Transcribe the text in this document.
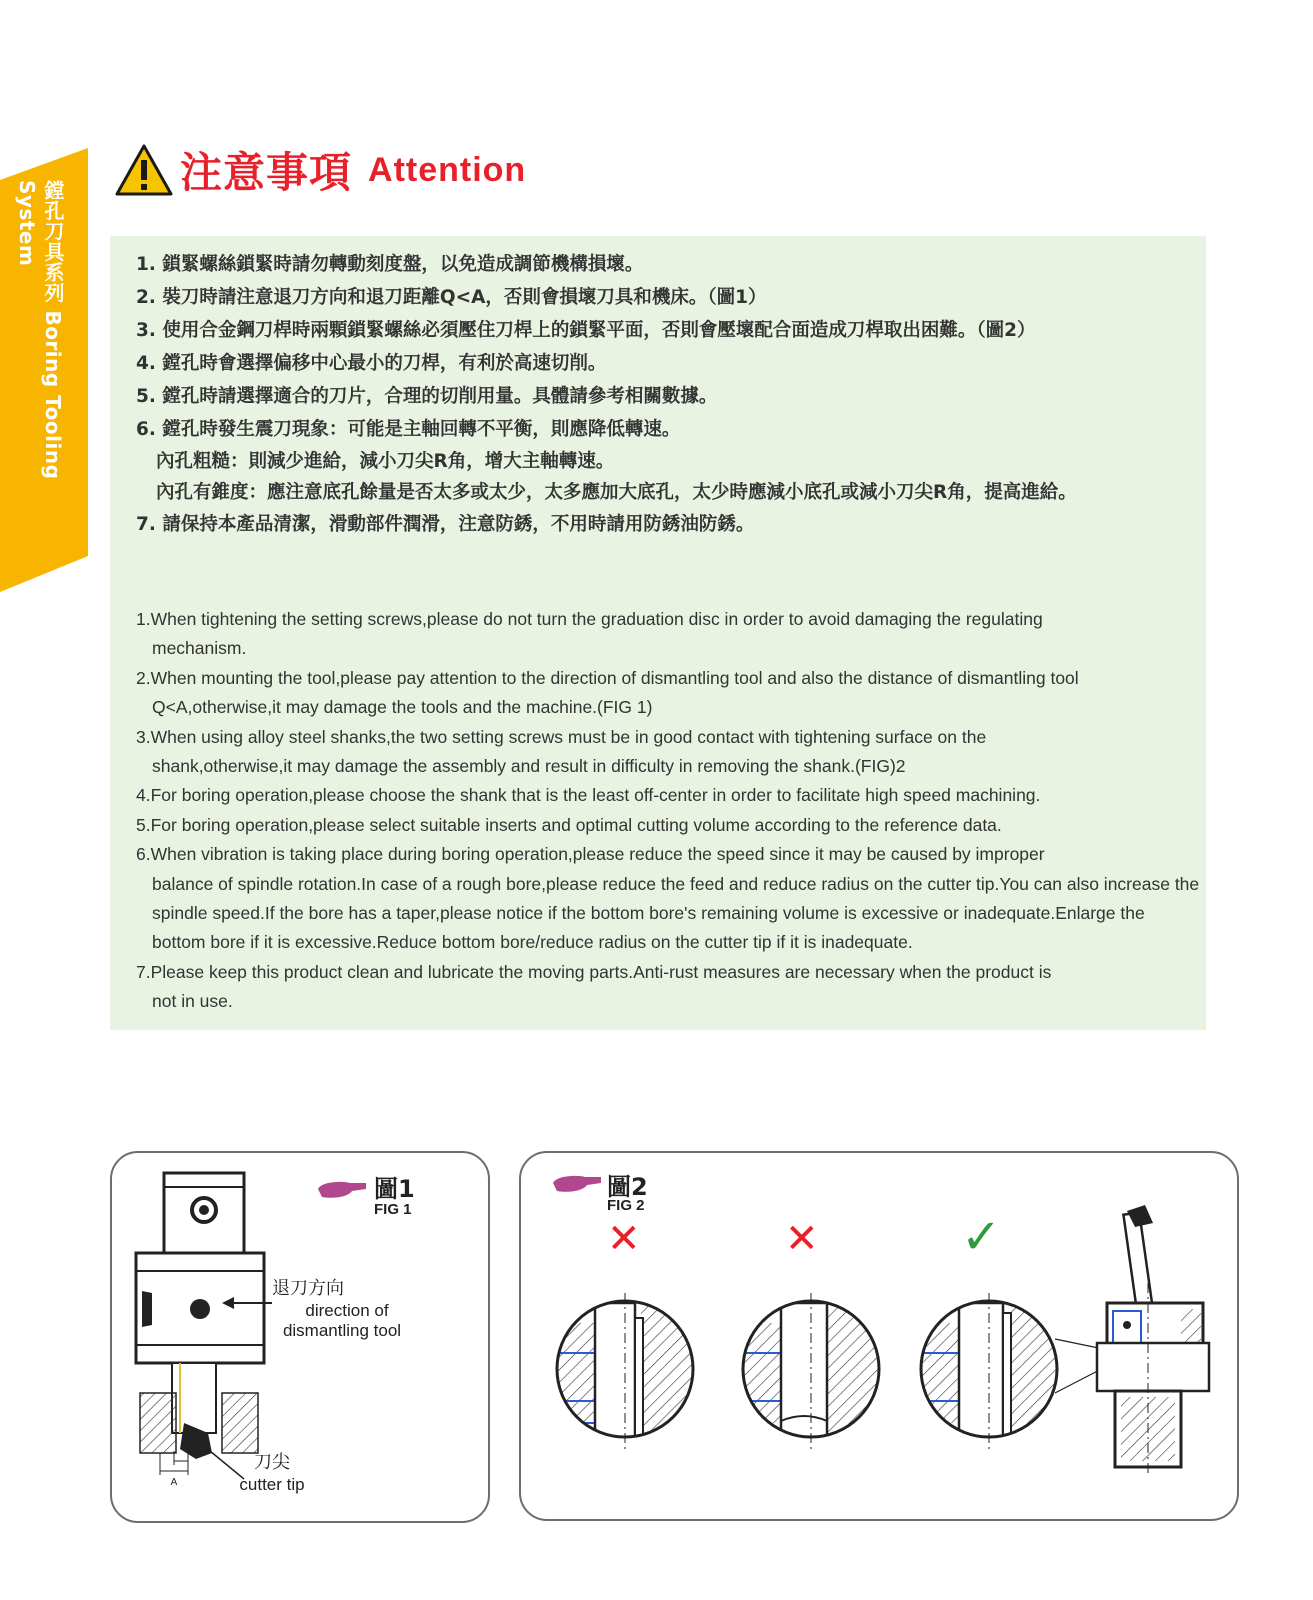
鏜孔刀具系列 Boring Tooling System
注意事項 Attention
1. 鎖緊螺絲鎖緊時請勿轉動刻度盤，以免造成調節機構損壞。
2. 裝刀時請注意退刀方向和退刀距離Q<A，否則會損壞刀具和機床。（圖1）
3. 使用合金鋼刀桿時兩顆鎖緊螺絲必須壓住刀桿上的鎖緊平面，否則會壓壞配合面造成刀桿取出困難。（圖2）
4. 鏜孔時會選擇偏移中心最小的刀桿，有利於高速切削。
5. 鏜孔時請選擇適合的刀片，合理的切削用量。具體請參考相關數據。
6. 鏜孔時發生震刀現象：可能是主軸回轉不平衡，則應降低轉速。
內孔粗糙：則減少進給，減小刀尖R角，增大主軸轉速。
內孔有錐度：應注意底孔餘量是否太多或太少，太多應加大底孔，太少時應減小底孔或減小刀尖R角，提高進給。
7. 請保持本產品清潔，滑動部件潤滑，注意防銹，不用時請用防銹油防銹。
1.When tightening the setting screws,please do not turn the graduation disc in order to avoid damaging the regulating
mechanism.
2.When mounting the tool,please pay attention to the direction of dismantling tool and also the distance of dismantling tool
Q<A,otherwise,it may damage the tools and the machine.(FIG 1)
3.When using alloy steel shanks,the two setting screws must be in good contact with tightening surface on the
shank,otherwise,it may damage the assembly and result in difficulty in removing the shank.(FIG)2
4.For boring operation,please choose the shank that is the least off-center in order to facilitate high speed machining.
5.For boring operation,please select suitable inserts and optimal cutting volume according to the reference data.
6.When vibration is taking place during boring operation,please reduce the speed since it may be caused by improper
balance of spindle rotation.In case of a rough bore,please reduce the feed and reduce radius on the cutter tip.You can also increase the spindle speed.If the bore has a taper,please notice if the bottom bore's remaining volume is excessive or inadequate.Enlarge the bottom bore if it is excessive.Reduce bottom bore/reduce radius on the cutter tip if it is inadequate.
7.Please keep this product clean and lubricate the moving parts.Anti-rust measures are necessary when the product is
not in use.
圖1
FIG 1
退刀方向
direction of
dismantling tool
刀尖
cutter tip
Q
A
圖2
FIG 2
✕	✕	✓
